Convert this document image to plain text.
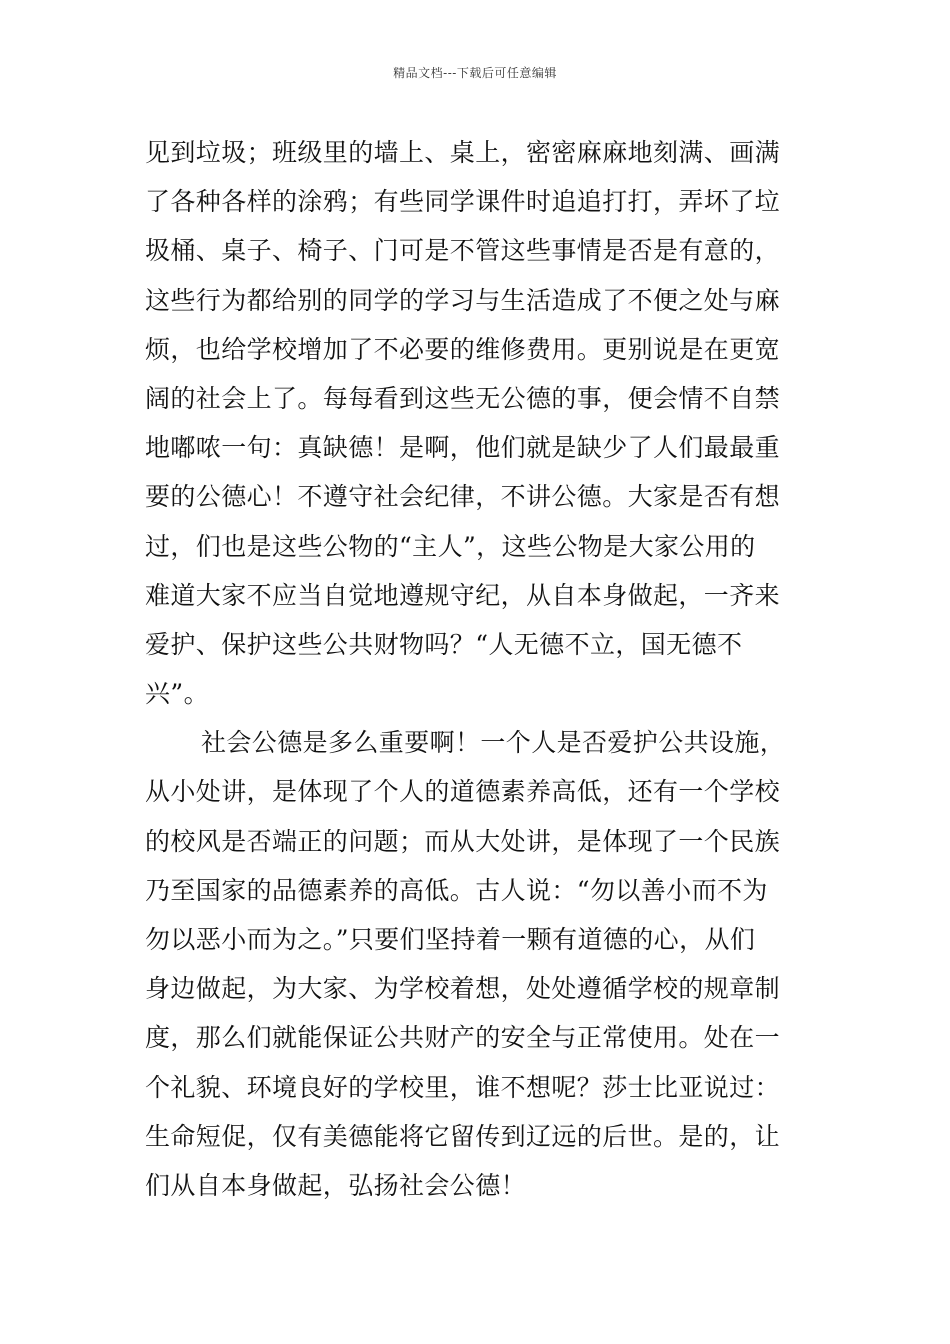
精品文档---下载后可任意编辑
见到垃圾；班级里的墙上、桌上，密密麻麻地刻满、画满
了各种各样的涂鸦；有些同学课件时追追打打，弄坏了垃
圾桶、桌子、椅子、门可是不管这些事情是否是有意的，
这些行为都给别的同学的学习与生活造成了不便之处与麻
烦，也给学校增加了不必要的维修费用。更别说是在更宽
阔的社会上了。每每看到这些无公德的事，便会情不自禁
地嘟哝一句：真缺德！是啊，他们就是缺少了人们最最重
要的公德心！不遵守社会纪律，不讲公德。大家是否有想
过，们也是这些公物的“主人”，这些公物是大家公用的
难道大家不应当自觉地遵规守纪，从自本身做起，一齐来
爱护、保护这些公共财物吗？“人无德不立，国无德不
兴”。
社会公德是多么重要啊！一个人是否爱护公共设施，
从小处讲，是体现了个人的道德素养高低，还有一个学校
的校风是否端正的问题；而从大处讲，是体现了一个民族
乃至国家的品德素养的高低。古人说：“勿以善小而不为
勿以恶小而为之。”只要们坚持着一颗有道德的心，从们
身边做起，为大家、为学校着想，处处遵循学校的规章制
度，那么们就能保证公共财产的安全与正常使用。处在一
个礼貌、环境良好的学校里，谁不想呢？莎士比亚说过：
生命短促，仅有美德能将它留传到辽远的后世。是的，让
们从自本身做起，弘扬社会公德！
